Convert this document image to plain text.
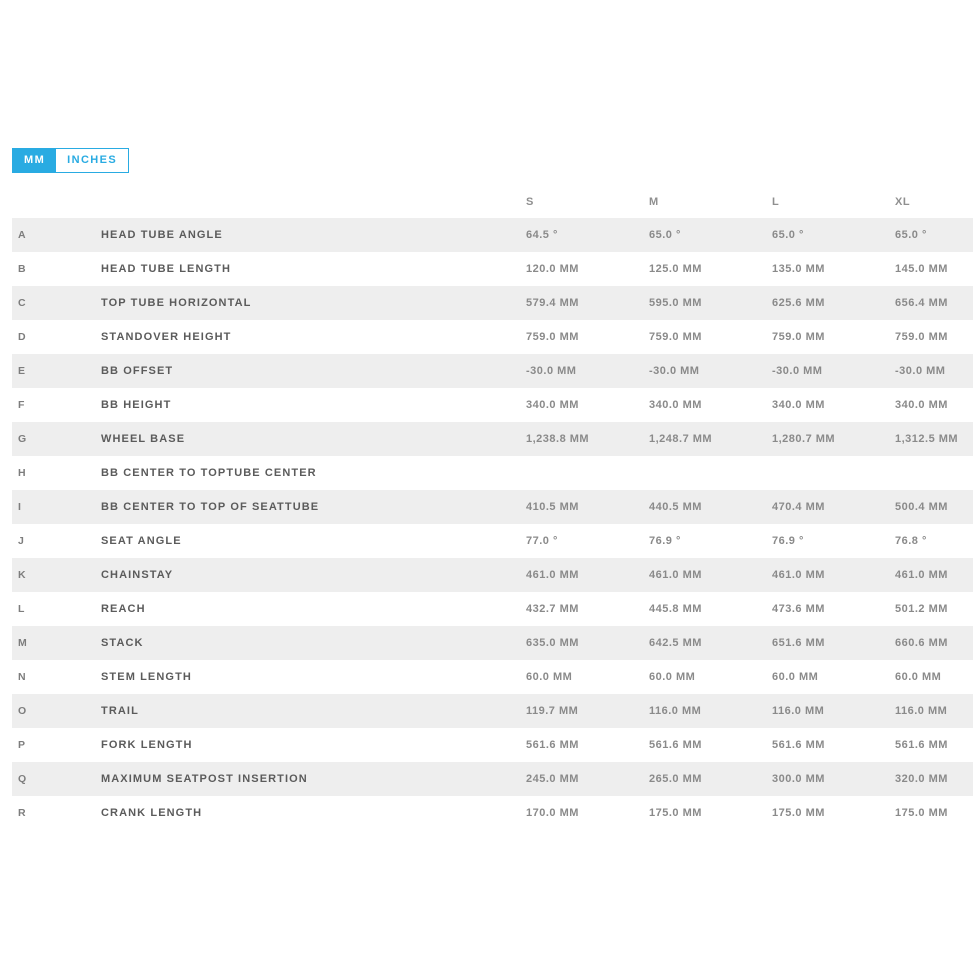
MM	INCHES
		S	M	L	XL
A	HEAD TUBE ANGLE	64.5 °	65.0 °	65.0 °	65.0 °
B	HEAD TUBE LENGTH	120.0 MM	125.0 MM	135.0 MM	145.0 MM
C	TOP TUBE HORIZONTAL	579.4 MM	595.0 MM	625.6 MM	656.4 MM
D	STANDOVER HEIGHT	759.0 MM	759.0 MM	759.0 MM	759.0 MM
E	BB OFFSET	-30.0 MM	-30.0 MM	-30.0 MM	-30.0 MM
F	BB HEIGHT	340.0 MM	340.0 MM	340.0 MM	340.0 MM
G	WHEEL BASE	1,238.8 MM	1,248.7 MM	1,280.7 MM	1,312.5 MM
H	BB CENTER TO TOPTUBE CENTER				
I	BB CENTER TO TOP OF SEATTUBE	410.5 MM	440.5 MM	470.4 MM	500.4 MM
J	SEAT ANGLE	77.0 °	76.9 °	76.9 °	76.8 °
K	CHAINSTAY	461.0 MM	461.0 MM	461.0 MM	461.0 MM
L	REACH	432.7 MM	445.8 MM	473.6 MM	501.2 MM
M	STACK	635.0 MM	642.5 MM	651.6 MM	660.6 MM
N	STEM LENGTH	60.0 MM	60.0 MM	60.0 MM	60.0 MM
O	TRAIL	119.7 MM	116.0 MM	116.0 MM	116.0 MM
P	FORK LENGTH	561.6 MM	561.6 MM	561.6 MM	561.6 MM
Q	MAXIMUM SEATPOST INSERTION	245.0 MM	265.0 MM	300.0 MM	320.0 MM
R	CRANK LENGTH	170.0 MM	175.0 MM	175.0 MM	175.0 MM
